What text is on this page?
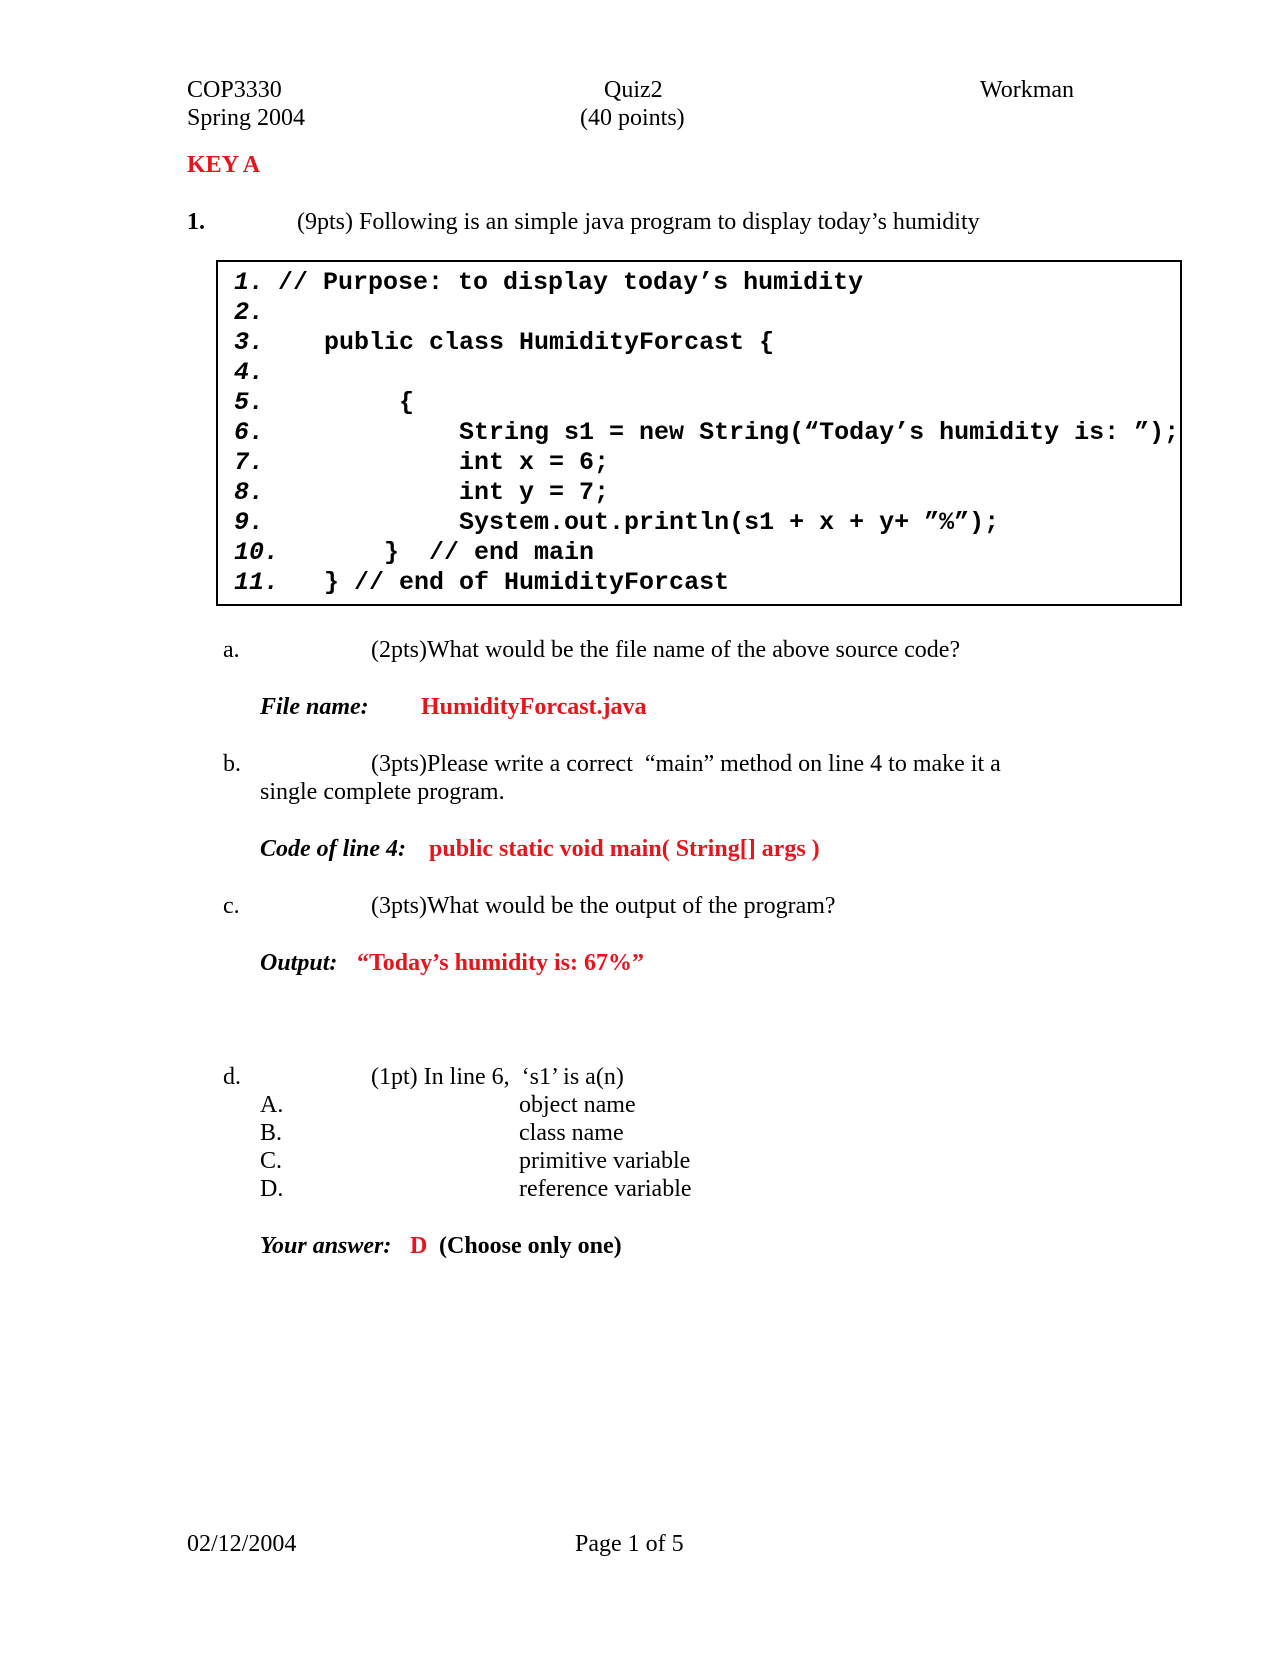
COP3330
Spring 2004
Quiz2
(40 points)
Workman
KEY A
1.	(9pts) Following is an simple java program to display today’s humidity
1. // Purpose: to display today’s humidity
2.
3.  public class HumidityForcast {
4.
5.       {
6.           String s1 = new String(“Today’s humidity is: ”);
7.           int x = 6;
8.           int y = 7;
9.           System.out.println(s1 + x + y+ ”%”);
10.      }  // end main
11.  } // end of HumidityForcast
a.	(2pts)What would be the file name of the above source code?
File name: HumidityForcast.java
b.	(3pts)Please write a correct  “main” method on line 4 to make it a
single complete program.
Code of line 4: public static void main( String[] args )
c.	(3pts)What would be the output of the program?
Output: “Today’s humidity is: 67%”
d.	(1pt) In line 6,  ‘s1’ is a(n)
A.	object name
B.	class name
C.	primitive variable
D.	reference variable
Your answer: D (Choose only one)
02/12/2004	Page 1 of 5
